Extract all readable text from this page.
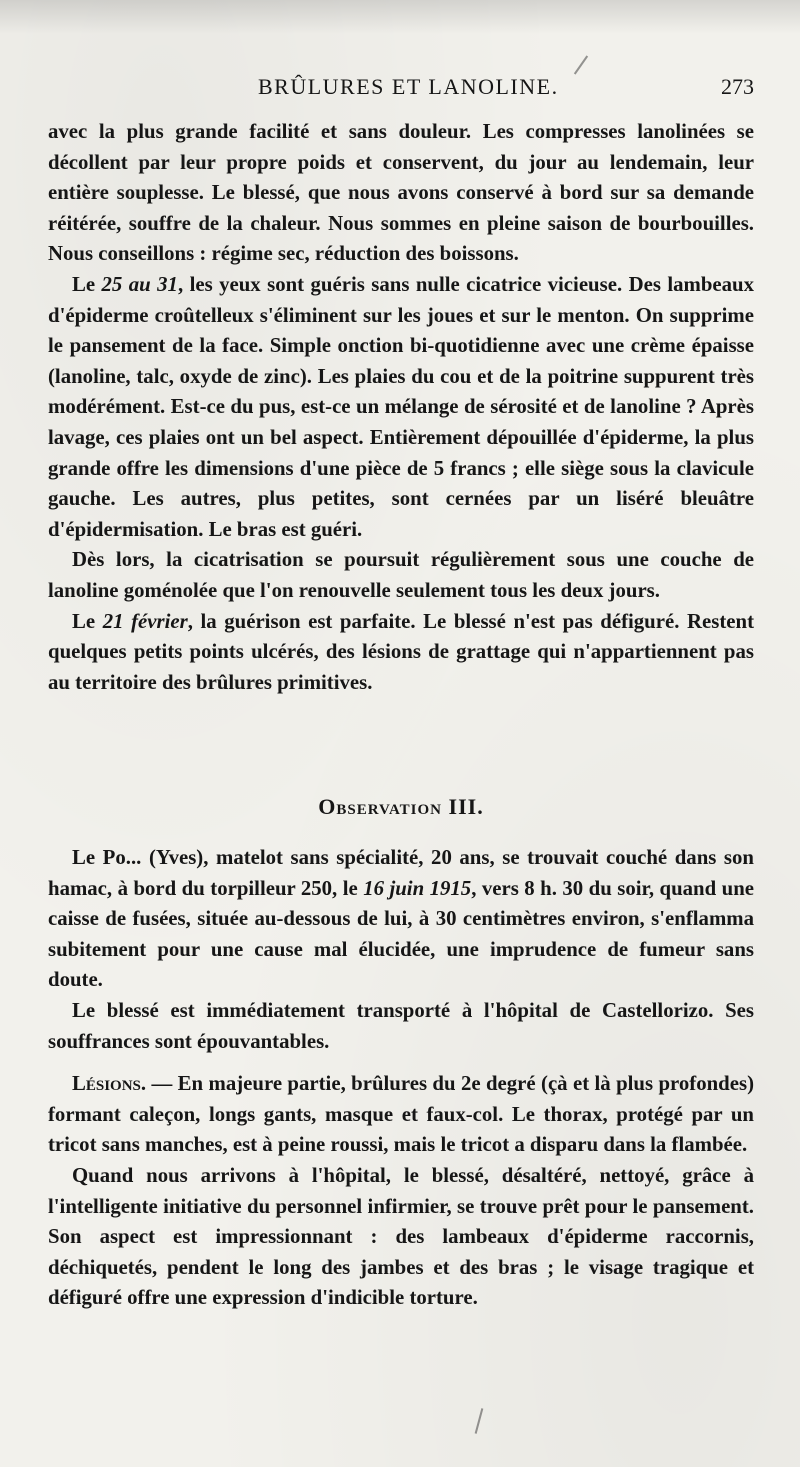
BRÛLURES ET LANOLINE.	273

avec la plus grande facilité et sans douleur. Les compresses lanolinées se décollent par leur propre poids et conservent, du jour au lendemain, leur entière souplesse. Le blessé, que nous avons conservé à bord sur sa demande réitérée, souffre de la chaleur. Nous sommes en pleine saison de bourbouilles. Nous conseillons : régime sec, réduction des boissons.

Le 25 au 31, les yeux sont guéris sans nulle cicatrice vicieuse. Des lambeaux d'épiderme croûtelleux s'éliminent sur les joues et sur le menton. On supprime le pansement de la face. Simple onction bi-quotidienne avec une crème épaisse (lanoline, talc, oxyde de zinc). Les plaies du cou et de la poitrine suppurent très modérément. Est-ce du pus, est-ce un mélange de sérosité et de lanoline ? Après lavage, ces plaies ont un bel aspect. Entièrement dépouillée d'épiderme, la plus grande offre les dimensions d'une pièce de 5 francs ; elle siège sous la clavicule gauche. Les autres, plus petites, sont cernées par un liséré bleuâtre d'épidermisation. Le bras est guéri.

Dès lors, la cicatrisation se poursuit régulièrement sous une couche de lanoline goménolée que l'on renouvelle seulement tous les deux jours.

Le 21 février, la guérison est parfaite. Le blessé n'est pas défiguré. Restent quelques petits points ulcérés, des lésions de grattage qui n'appartiennent pas au territoire des brûlures primitives.

Observation III.

Le Po... (Yves), matelot sans spécialité, 20 ans, se trouvait couché dans son hamac, à bord du torpilleur 250, le 16 juin 1915, vers 8 h. 30 du soir, quand une caisse de fusées, située au-dessous de lui, à 30 centimètres environ, s'enflamma subitement pour une cause mal élucidée, une imprudence de fumeur sans doute.

Le blessé est immédiatement transporté à l'hôpital de Castellorizo. Ses souffrances sont épouvantables.

Lésions. — En majeure partie, brûlures du 2e degré (çà et là plus profondes) formant caleçon, longs gants, masque et faux-col. Le thorax, protégé par un tricot sans manches, est à peine roussi, mais le tricot a disparu dans la flambée.

Quand nous arrivons à l'hôpital, le blessé, désaltéré, nettoyé, grâce à l'intelligente initiative du personnel infirmier, se trouve prêt pour le pansement. Son aspect est impressionnant : des lambeaux d'épiderme raccornis, déchiquetés, pendent le long des jambes et des bras ; le visage tragique et défiguré offre une expression d'indicible torture.
